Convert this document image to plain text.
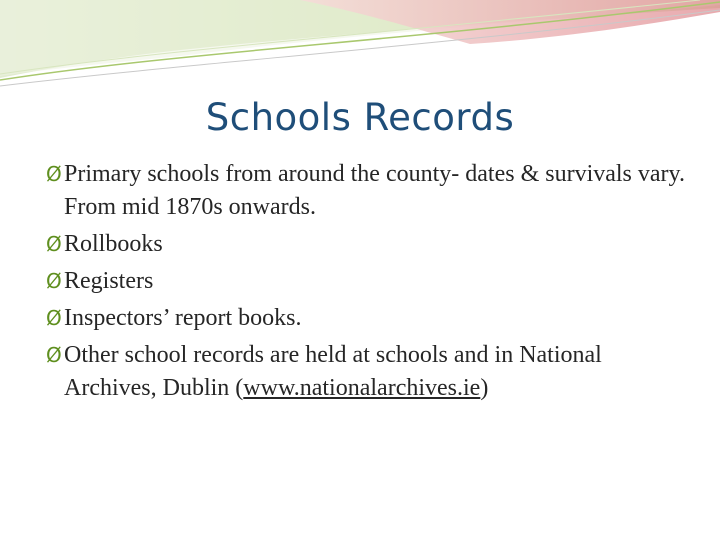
Schools Records
Ø Primary schools from around the county- dates & survivals vary. From mid 1870s onwards.
Ø Rollbooks
Ø Registers
Ø Inspectors’ report books.
Ø Other school records are held at schools and in National Archives, Dublin (www.nationalarchives.ie)
